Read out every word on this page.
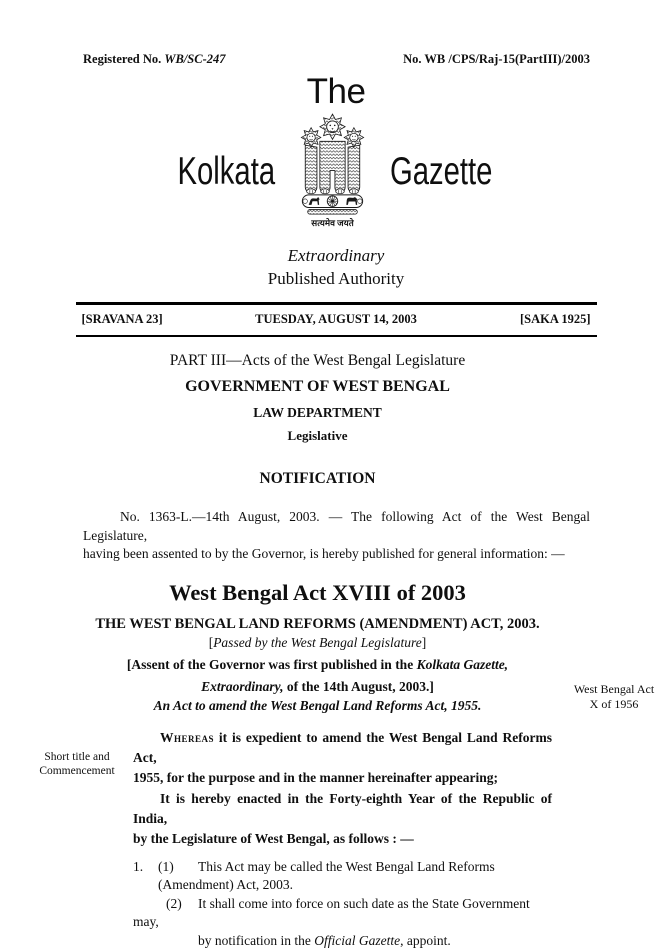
Registered No. WB/SC-247	No. WB /CPS/Raj-15(PartIII)/2003
The
Kolkata
सत्यमेव जयते
Gazette
Extraordinary
Published Authority
[SRAVANA 23]	TUESDAY, AUGUST 14, 2003	[SAKA 1925]
PART III—Acts of the West Bengal Legislature
GOVERNMENT OF WEST BENGAL
LAW DEPARTMENT
Legislative
NOTIFICATION
No. 1363-L.—14th August, 2003. — The following Act of the West Bengal Legislature,
having been assented to by the Governor, is hereby published for general information: —
West Bengal Act XVIII of 2003
THE WEST BENGAL LAND REFORMS (AMENDMENT) ACT, 2003.
[Passed by the West Bengal Legislature]
[Assent of the Governor was first published in the Kolkata Gazette,
Extraordinary, of the 14th August, 2003.]
An Act to amend the West Bengal Land Reforms Act, 1955.
Whereas it is expedient to amend the West Bengal Land Reforms Act,
1955, for the purpose and in the manner hereinafter appearing;
It is hereby enacted in the Forty-eighth Year of the Republic of India,
by the Legislature of West Bengal, as follows : —
1. (1) This Act may be called the West Bengal Land Reforms
(Amendment) Act, 2003.
(2) It shall come into force on such date as the State Government may,
by notification in the Official Gazette, appoint.
West Bengal Act
X of 1956
Short title and
Commencement
